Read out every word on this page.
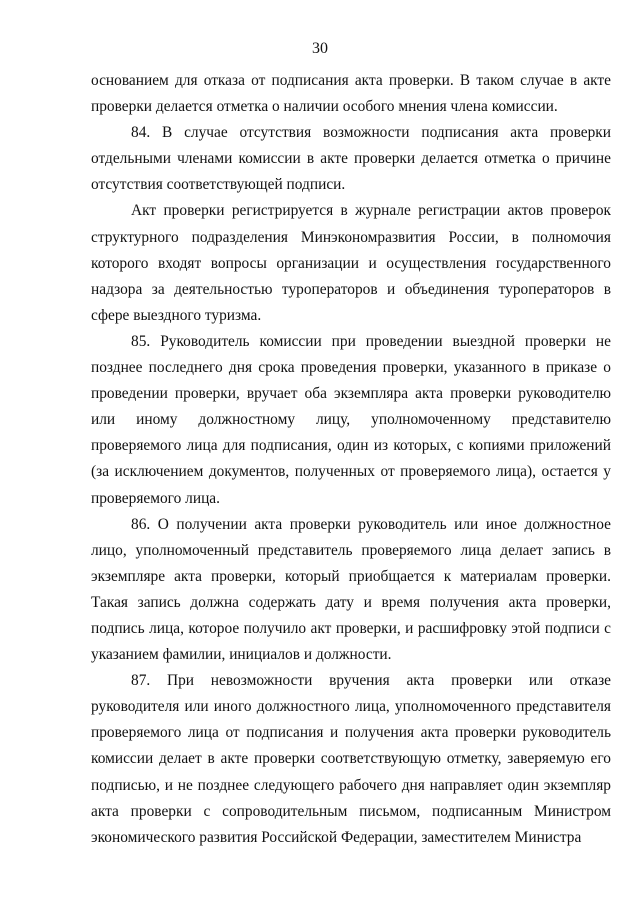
30

основанием для отказа от подписания акта проверки. В таком случае в акте проверки делается отметка о наличии особого мнения члена комиссии.

84. В случае отсутствия возможности подписания акта проверки отдельными членами комиссии в акте проверки делается отметка о причине отсутствия соответствующей подписи.

Акт проверки регистрируется в журнале регистрации актов проверок структурного подразделения Минэкономразвития России, в полномочия которого входят вопросы организации и осуществления государственного надзора за деятельностью туроператоров и объединения туроператоров в сфере выездного туризма.

85. Руководитель комиссии при проведении выездной проверки не позднее последнего дня срока проведения проверки, указанного в приказе о проведении проверки, вручает оба экземпляра акта проверки руководителю или иному должностному лицу, уполномоченному представителю проверяемого лица для подписания, один из которых, с копиями приложений (за исключением документов, полученных от проверяемого лица), остается у проверяемого лица.

86. О получении акта проверки руководитель или иное должностное лицо, уполномоченный представитель проверяемого лица делает запись в экземпляре акта проверки, который приобщается к материалам проверки. Такая запись должна содержать дату и время получения акта проверки, подпись лица, которое получило акт проверки, и расшифровку этой подписи с указанием фамилии, инициалов и должности.

87. При невозможности вручения акта проверки или отказе руководителя или иного должностного лица, уполномоченного представителя проверяемого лица от подписания и получения акта проверки руководитель комиссии делает в акте проверки соответствующую отметку, заверяемую его подписью, и не позднее следующего рабочего дня направляет один экземпляр акта проверки с сопроводительным письмом, подписанным Министром экономического развития Российской Федерации, заместителем Министра
